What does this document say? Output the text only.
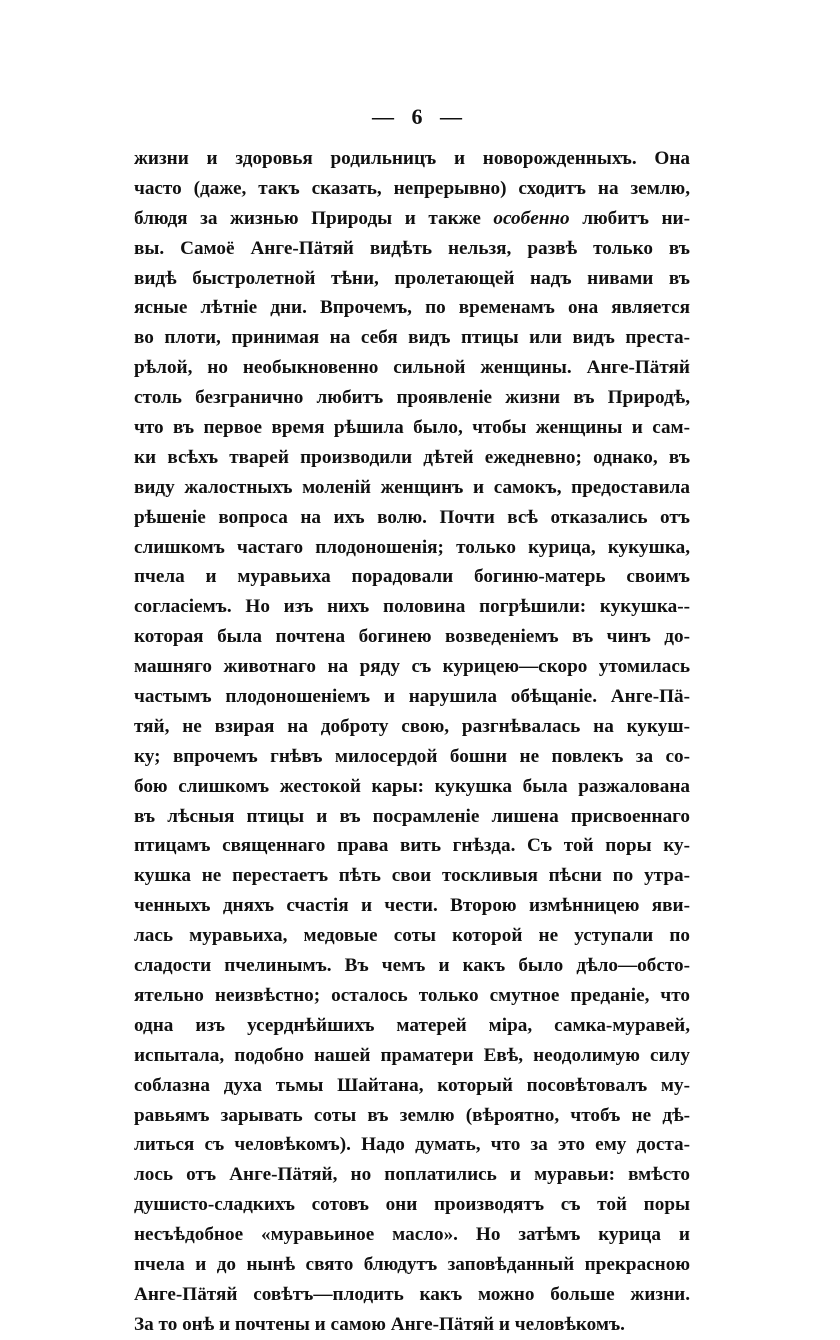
— 6 —
жизни и здоровья родильницъ и новорожденныхъ. Она
часто (даже, такъ сказать, непрерывно) сходитъ на землю,
блюдя за жизнью Природы и также особенно любитъ ни-
вы. Самоё Анге-Пӓтяй видѣть нельзя, развѣ только въ
видѣ быстролетной тѣни, пролетающей надъ нивами въ
ясные лѣтніе дни. Впрочемъ, по временамъ она является
во плоти, принимая на себя видъ птицы или видъ преста-
рѣлой, но необыкновенно сильной женщины. Анге-Пӓтяй
столь безгранично любитъ проявленіе жизни въ Природѣ,
что въ первое время рѣшила было, чтобы женщины и сам-
ки всѣхъ тварей производили дѣтей ежедневно; однако, въ
виду жалостныхъ моленій женщинъ и самокъ, предоставила
рѣшеніе вопроса на ихъ волю. Почти всѣ отказались отъ
слишкомъ частаго плодоношенія; только курица, кукушка,
пчела и муравьиха порадовали богиню-матерь своимъ
согласіемъ. Но изъ нихъ половина погрѣшили: кукушка--
которая была почтена богинею возведеніемъ въ чинъ до-
машняго животнаго на ряду съ курицею—скоро утомилась
частымъ плодоношеніемъ и нарушила обѣщаніе. Анге-Пӓ-
тяй, не взирая на доброту свою, разгнѣвалась на кукуш-
ку; впрочемъ гнѣвъ милосердой бошни не повлекъ за со-
бою слишкомъ жестокой кары: кукушка была разжалована
въ лѣсныя птицы и въ посрамленіе лишена присвоеннаго
птицамъ священнаго права вить гнѣзда. Съ той поры ку-
кушка не перестаетъ пѣть свои тоскливыя пѣсни по утра-
ченныхъ дняхъ счастія и чести. Второю измѣнницею яви-
лась муравьиха, медовые соты которой не уступали по
сладости пчелинымъ. Въ чемъ и какъ было дѣло—обсто-
ятельно неизвѣстно; осталось только смутное преданіе, что
одна изъ усерднѣйшихъ матерей міра, самка-муравей,
испытала, подобно нашей праматери Евѣ, неодолимую силу
соблазна духа тьмы Шайтана, который посовѣтовалъ му-
равьямъ зарывать соты въ землю (вѣроятно, чтобъ не дѣ-
литься съ человѣкомъ). Надо думать, что за это ему доста-
лось отъ Анге-Пӓтяй, но поплатились и муравьи: вмѣсто
душисто-сладкихъ сотовъ они производятъ съ той поры
несъѣдобное «муравьиное масло». Но затѣмъ курица и
пчела и до нынѣ свято блюдутъ заповѣданный прекрасною
Анге-Пӓтяй совѣтъ—плодить какъ можно больше жизни.
За то онѣ и почтены и самою Анге-Пӓтяй и человѣкомъ.
